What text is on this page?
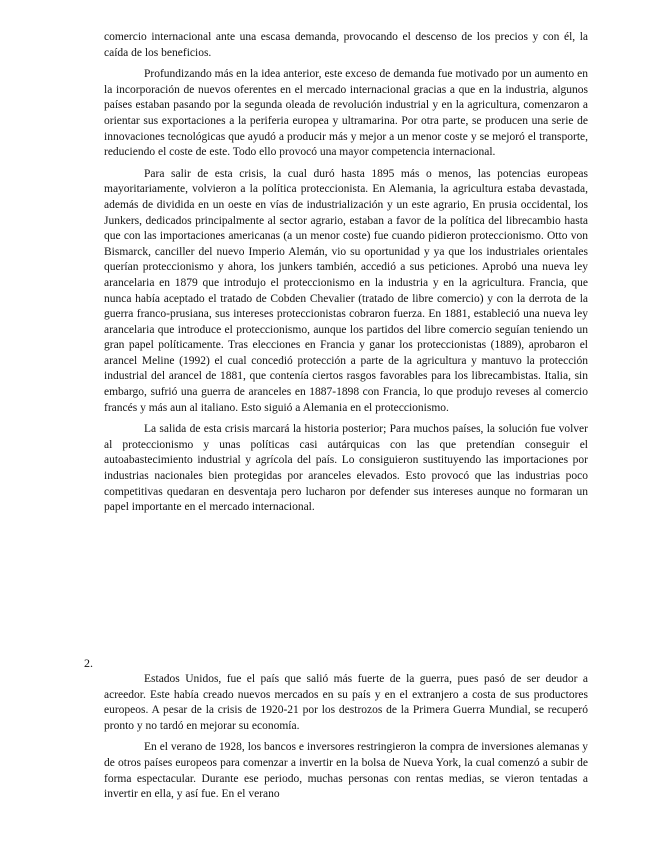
comercio internacional ante una escasa demanda, provocando el descenso de los precios y con él, la caída de los beneficios.

Profundizando más en la idea anterior, este exceso de demanda fue motivado por un aumento en la incorporación de nuevos oferentes en el mercado internacional gracias a que en la industria, algunos países estaban pasando por la segunda oleada de revolución industrial y en la agricultura, comenzaron a orientar sus exportaciones a la periferia europea y ultramarina. Por otra parte, se producen una serie de innovaciones tecnológicas que ayudó a producir más y mejor a un menor coste y se mejoró el transporte, reduciendo el coste de este. Todo ello provocó una mayor competencia internacional.

Para salir de esta crisis, la cual duró hasta 1895 más o menos, las potencias europeas mayoritariamente, volvieron a la política proteccionista. En Alemania, la agricultura estaba devastada, además de dividida en un oeste en vías de industrialización y un este agrario, En prusia occidental, los Junkers, dedicados principalmente al sector agrario, estaban a favor de la política del librecambio hasta que con las importaciones americanas (a un menor coste) fue cuando pidieron proteccionismo. Otto von Bismarck, canciller del nuevo Imperio Alemán, vio su oportunidad y ya que los industriales orientales querían proteccionismo y ahora, los junkers también, accedió a sus peticiones. Aprobó una nueva ley arancelaria en 1879 que introdujo el proteccionismo en la industria y en la agricultura. Francia, que nunca había aceptado el tratado de Cobden Chevalier (tratado de libre comercio) y con la derrota de la guerra franco-prusiana, sus intereses proteccionistas cobraron fuerza. En 1881, estableció una nueva ley arancelaria que introduce el proteccionismo, aunque los partidos del libre comercio seguían teniendo un gran papel políticamente. Tras elecciones en Francia y ganar los proteccionistas (1889), aprobaron el arancel Meline (1992) el cual concedió protección a parte de la agricultura y mantuvo la protección industrial del arancel de 1881, que contenía ciertos rasgos favorables para los librecambistas. Italia, sin embargo, sufrió una guerra de aranceles en 1887-1898 con Francia, lo que produjo reveses al comercio francés y más aun al italiano. Esto siguió a Alemania en el proteccionismo.

La salida de esta crisis marcará la historia posterior; Para muchos países, la solución fue volver al proteccionismo y unas políticas casi autárquicas con las que pretendían conseguir el autoabastecimiento industrial y agrícola del país. Lo consiguieron sustituyendo las importaciones por industrias nacionales bien protegidas por aranceles elevados. Esto provocó que las industrias poco competitivas quedaran en desventaja pero lucharon por defender sus intereses aunque no formaran un papel importante en el mercado internacional.

2.

Estados Unidos, fue el país que salió más fuerte de la guerra, pues pasó de ser deudor a acreedor. Este había creado nuevos mercados en su país y en el extranjero a costa de sus productores europeos. A pesar de la crisis de 1920-21 por los destrozos de la Primera Guerra Mundial, se recuperó pronto y no tardó en mejorar su economía.

En el verano de 1928, los bancos e inversores restringieron la compra de inversiones alemanas y de otros países europeos para comenzar a invertir en la bolsa de Nueva York, la cual comenzó a subir de forma espectacular. Durante ese periodo, muchas personas con rentas medias, se vieron tentadas a invertir en ella, y así fue. En el verano
